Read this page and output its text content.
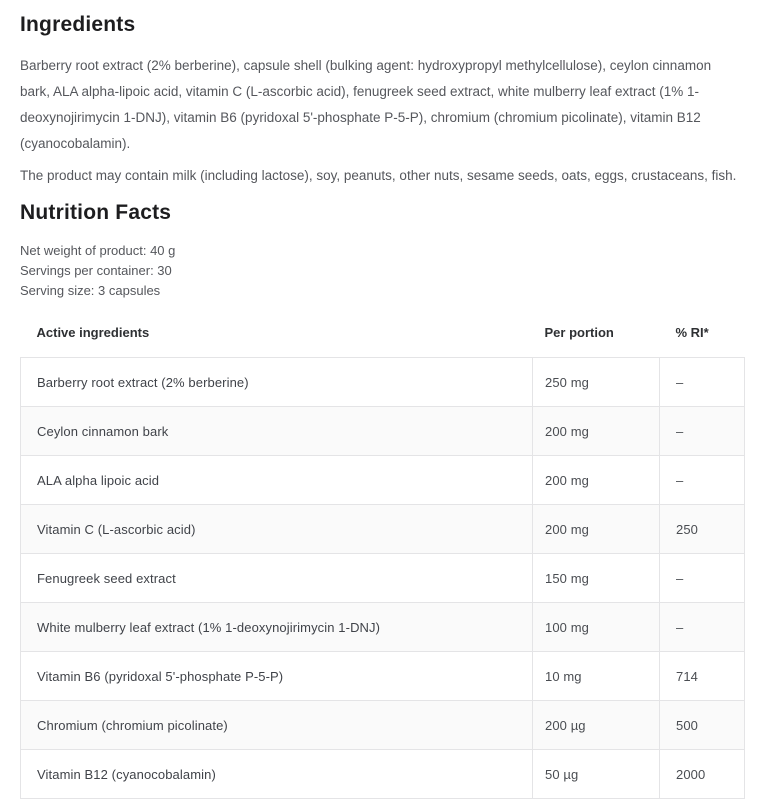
Ingredients

Barberry root extract (2% berberine), capsule shell (bulking agent: hydroxypropyl methylcellulose), ceylon cinnamon bark, ALA alpha-lipoic acid, vitamin C (L-ascorbic acid), fenugreek seed extract, white mulberry leaf extract (1% 1-deoxynojirimycin 1-DNJ), vitamin B6 (pyridoxal 5'-phosphate P-5-P), chromium (chromium picolinate), vitamin B12 (cyanocobalamin).

The product may contain milk (including lactose), soy, peanuts, other nuts, sesame seeds, oats, eggs, crustaceans, fish.

Nutrition Facts

Net weight of product: 40 g

Servings per container: 30

Serving size: 3 capsules

Active ingredients	Per portion	% RI*
Barberry root extract (2% berberine)	250 mg	–
Ceylon cinnamon bark	200 mg	–
ALA alpha lipoic acid	200 mg	–
Vitamin C (L-ascorbic acid)	200 mg	250
Fenugreek seed extract	150 mg	–
White mulberry leaf extract (1% 1-deoxynojirimycin 1-DNJ)	100 mg	–
Vitamin B6 (pyridoxal 5'-phosphate P-5-P)	10 mg	714
Chromium (chromium picolinate)	200 µg	500
Vitamin B12 (cyanocobalamin)	50 µg	2000
